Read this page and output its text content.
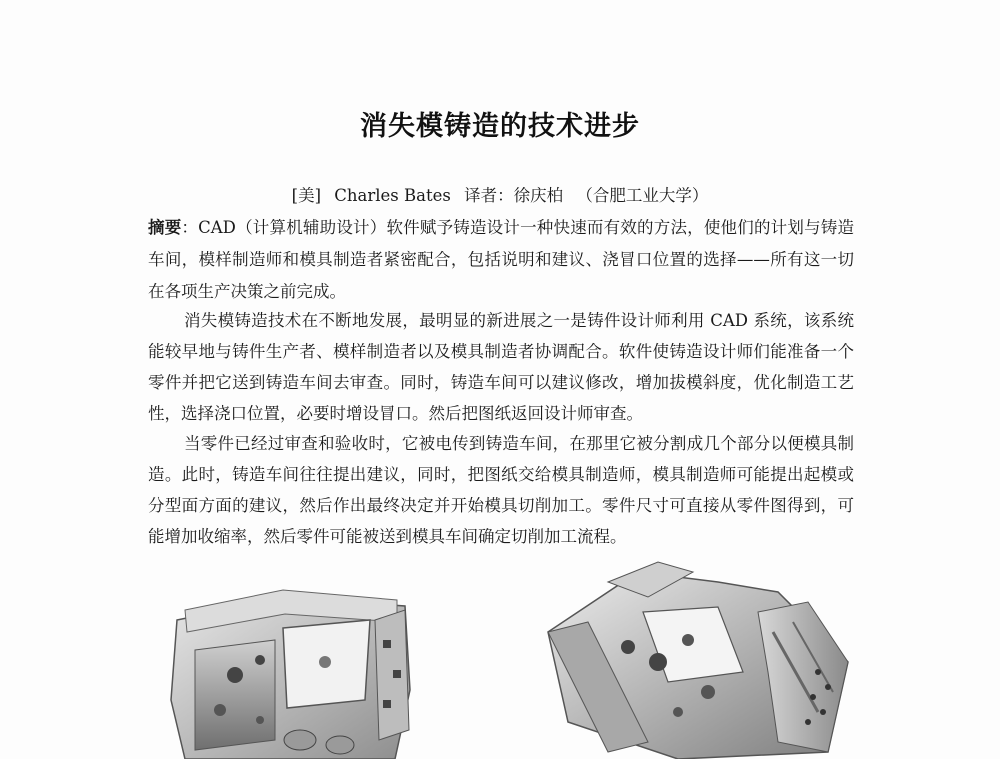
消失模铸造的技术进步
[美] Charles Bates 译者：徐庆柏 （合肥工业大学）
摘要：CAD（计算机辅助设计）软件赋予铸造设计一种快速而有效的方法，使他们的计划与铸造车间，模样制造师和模具制造者紧密配合，包括说明和建议、浇冒口位置的选择——所有这一切在各项生产决策之前完成。

消失模铸造技术在不断地发展，最明显的新进展之一是铸件设计师利用 CAD 系统，该系统能较早地与铸件生产者、模样制造者以及模具制造者协调配合。软件使铸造设计师们能准备一个零件并把它送到铸造车间去审查。同时，铸造车间可以建议修改，增加拔模斜度，优化制造工艺性，选择浇口位置，必要时增设冒口。然后把图纸返回设计师审查。

当零件已经过审查和验收时，它被电传到铸造车间，在那里它被分割成几个部分以便模具制造。此时，铸造车间往往提出建议，同时，把图纸交给模具制造师，模具制造师可能提出起模或分型面方面的建议，然后作出最终决定并开始模具切削加工。零件尺寸可直接从零件图得到，可能增加收缩率，然后零件可能被送到模具车间确定切削加工流程。
